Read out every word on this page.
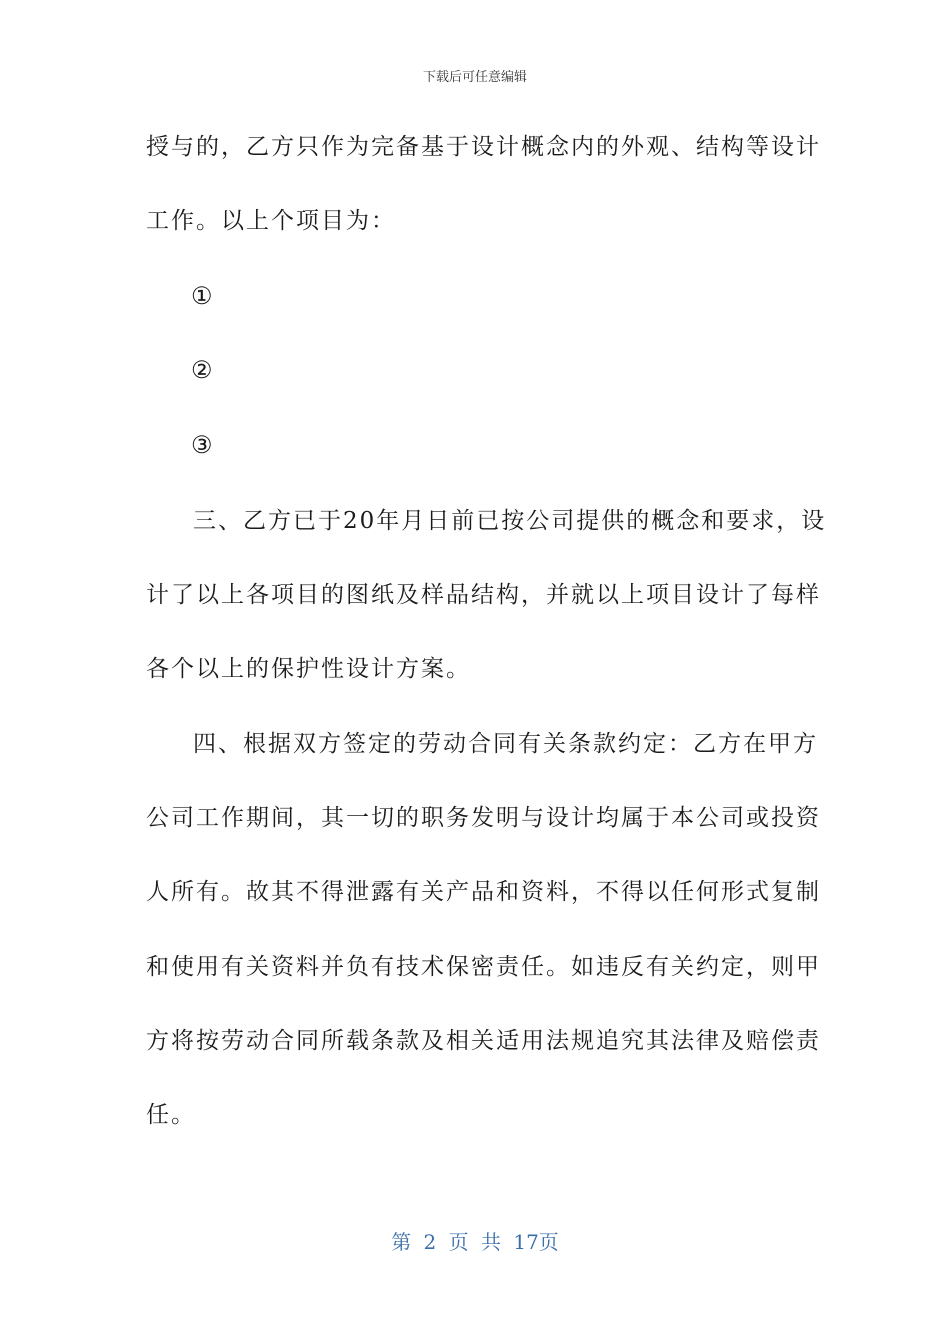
下载后可任意编辑
授与的，乙方只作为完备基于设计概念内的外观、结构等设计
工作。以上个项目为：
①
②
③
三、乙方已于20年月日前已按公司提供的概念和要求，设
计了以上各项目的图纸及样品结构，并就以上项目设计了每样
各个以上的保护性设计方案。
四、根据双方签定的劳动合同有关条款约定：乙方在甲方
公司工作期间，其一切的职务发明与设计均属于本公司或投资
人所有。故其不得泄露有关产品和资料，不得以任何形式复制
和使用有关资料并负有技术保密责任。如违反有关约定，则甲
方将按劳动合同所载条款及相关适用法规追究其法律及赔偿责
任。
第 2 页 共 17页
